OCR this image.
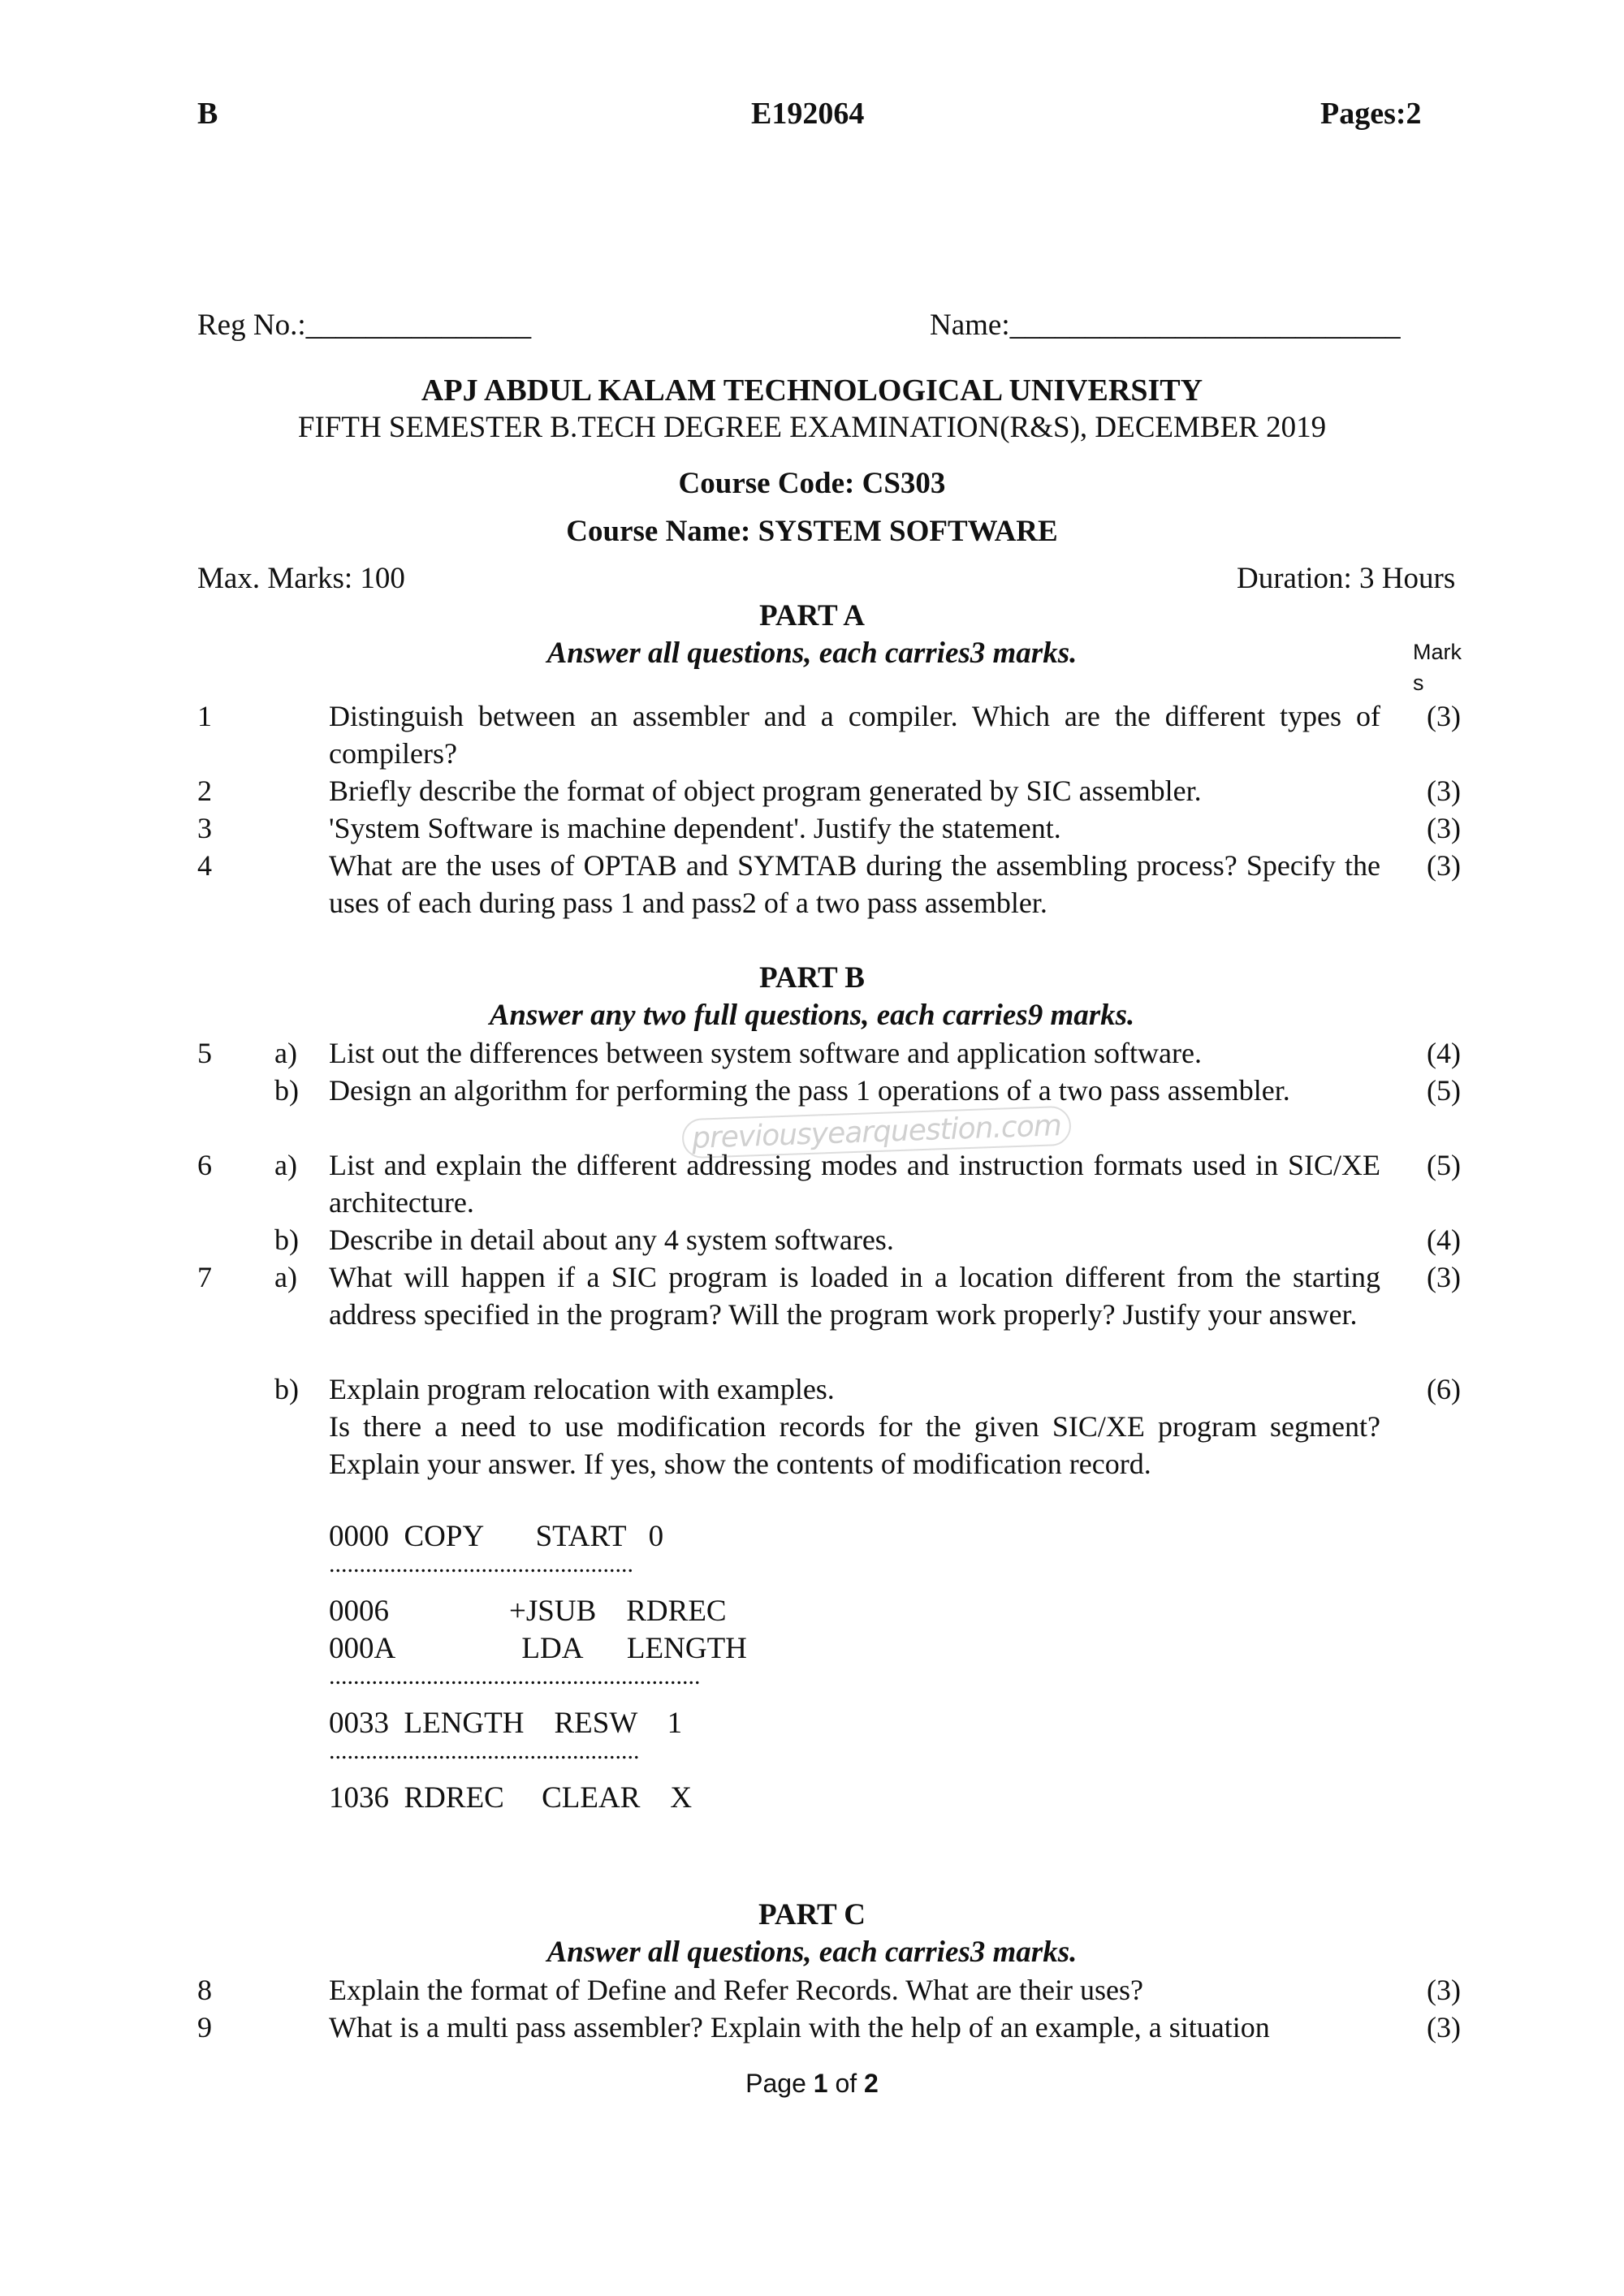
B	E192064	Pages:2
Reg No.:_______________	Name:__________________________
APJ ABDUL KALAM TECHNOLOGICAL UNIVERSITY
FIFTH SEMESTER B.TECH DEGREE EXAMINATION(R&S), DECEMBER 2019
Course Code: CS303
Course Name: SYSTEM SOFTWARE
Max. Marks: 100	Duration: 3 Hours
PART A
Answer all questions, each carries3 marks.	Mark
s
1	Distinguish between an assembler and a compiler. Which are the different types of compilers?
(3)
2	Briefly describe the format of object program generated by SIC assembler.	(3)
3	'System Software is machine dependent'. Justify the statement.	(3)
4	What are the uses of OPTAB and SYMTAB during the assembling process? Specify the uses of each during pass 1 and pass2 of a two pass assembler.
(3)
PART B
Answer any two full questions, each carries9 marks.
5 a) List out the differences between system software and application software.	(4)
b) Design an algorithm for performing the pass 1 operations of a two pass assembler.	(5)
6 a) List and explain the different addressing modes and instruction formats used in SIC/XE architecture.
(5)
b) Describe in detail about any 4 system softwares.	(4)
7 a) What will happen if a SIC program is loaded in a location different from the starting address specified in the program? Will the program work properly? Justify your answer.
(3)
b) Explain program relocation with examples.	(6)
Is there a need to use modification records for the given SIC/XE program segment? Explain your answer. If yes, show the contents of modification record.
0000  COPY       START   0
..................................................
0006                +JSUB    RDREC
000A                 LDA      LENGTH
.............................................................
0033  LENGTH    RESW    1
...................................................
1036  RDREC     CLEAR    X
previousyearquestion.com
PART C
Answer all questions, each carries3 marks.
8	Explain the format of Define and Refer Records. What are their uses?	(3)
9	What is a multi pass assembler? Explain with the help of an example, a situation	(3)
Page 1 of 2
